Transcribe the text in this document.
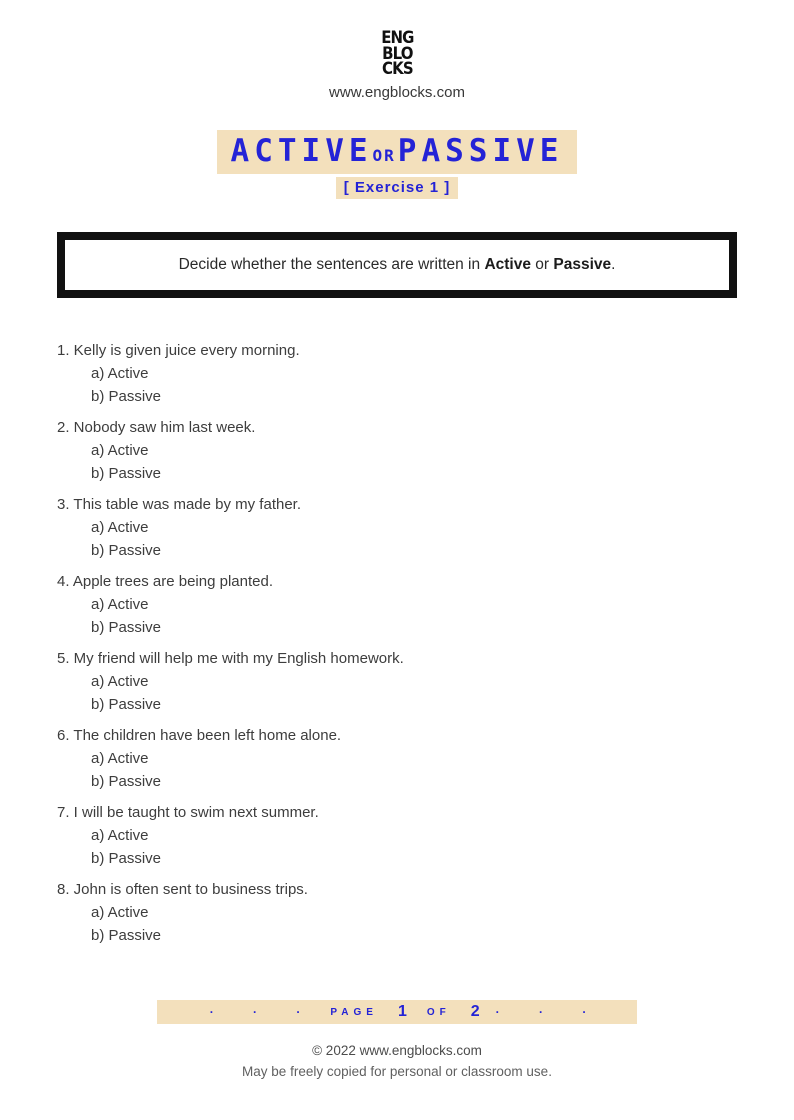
ENG
BLO
CKS
www.engblocks.com
ACTIVEORPASSIVE
[ Exercise 1 ]
Decide whether the sentences are written in Active or Passive.
1. Kelly is given juice every morning.
a) Active
b) Passive
2. Nobody saw him last week.
a) Active
b) Passive
3. This table was made by my father.
a) Active
b) Passive
4. Apple trees are being planted.
a) Active
b) Passive
5. My friend will help me with my English homework.
a) Active
b) Passive
6. The children have been left home alone.
a) Active
b) Passive
7. I will be taught to swim next summer.
a) Active
b) Passive
8. John is often sent to business trips.
a) Active
b) Passive
· · · PAGE 1 OF 2 · · ·
© 2022 www.engblocks.com
May be freely copied for personal or classroom use.
